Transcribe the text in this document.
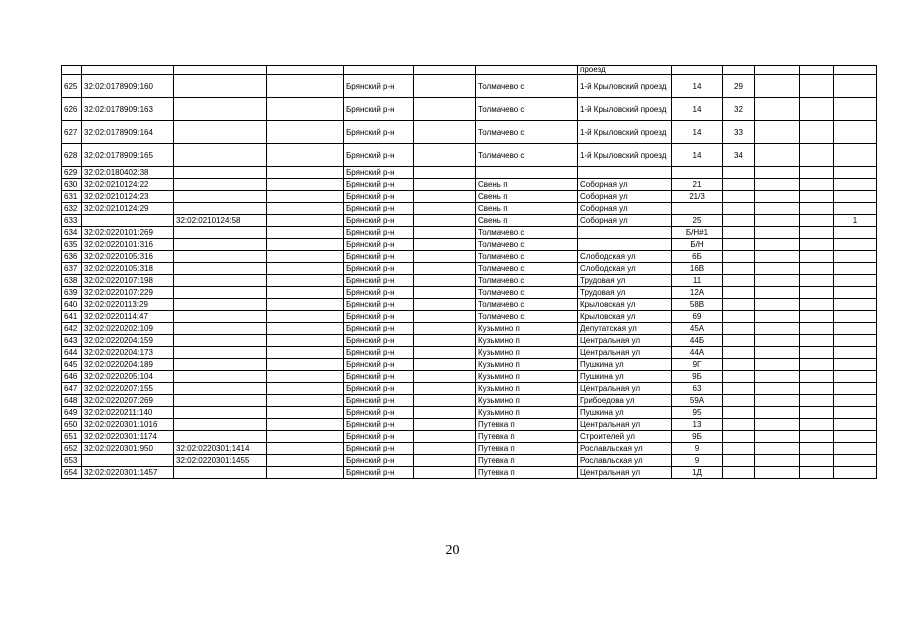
							проезд					
625	32:02:0178909:160			Брянский р-н		Толмачево с	1-й Крыловский проезд	14	29			
626	32:02:0178909:163			Брянский р-н		Толмачево с	1-й Крыловский проезд	14	32			
627	32:02:0178909:164			Брянский р-н		Толмачево с	1-й Крыловский проезд	14	33			
628	32:02:0178909:165			Брянский р-н		Толмачево с	1-й Крыловский проезд	14	34			
629	32:02:0180402:38			Брянский р-н								
630	32:02:0210124:22			Брянский р-н		Свень п	Соборная ул	21				
631	32:02:0210124:23			Брянский р-н		Свень п	Соборная ул	21/3				
632	32:02:0210124:29			Брянский р-н		Свень п	Соборная ул					
633		32:02:0210124:58		Брянский р-н		Свень п	Соборная ул	25				1
634	32:02:0220101:269			Брянский р-н		Толмачево с		Б/Н#1				
635	32:02:0220101:316			Брянский р-н		Толмачево с		Б/Н				
636	32:02:0220105:316			Брянский р-н		Толмачево с	Слободская ул	6Б				
637	32:02:0220105:318			Брянский р-н		Толмачево с	Слободская ул	16В				
638	32:02:0220107:198			Брянский р-н		Толмачево с	Трудовая ул	11				
639	32:02:0220107:229			Брянский р-н		Толмачево с	Трудовая ул	12А				
640	32:02:0220113:29			Брянский р-н		Толмачево с	Крыловская ул	58В				
641	32:02:0220114:47			Брянский р-н		Толмачево с	Крыловская ул	69				
642	32:02:0220202:109			Брянский р-н		Кузьмино п	Депутатская ул	45А				
643	32:02:0220204:159			Брянский р-н		Кузьмино п	Центральная ул	44Б				
644	32:02:0220204:173			Брянский р-н		Кузьмино п	Центральная ул	44А				
645	32:02:0220204:189			Брянский р-н		Кузьмино п	Пушкина ул	9Г				
646	32:02:0220205:104			Брянский р-н		Кузьмино п	Пушкина ул	9Б				
647	32:02:0220207:155			Брянский р-н		Кузьмино п	Центральная ул	63				
648	32:02:0220207:269			Брянский р-н		Кузьмино п	Грибоедова ул	59А				
649	32:02:0220211:140			Брянский р-н		Кузьмино п	Пушкина ул	95				
650	32:02:0220301:1016			Брянский р-н		Путевка п	Центральная ул	13				
651	32:02:0220301:1174			Брянский р-н		Путевка п	Строителей ул	9Б				
652	32:02:0220301:950	32:02:0220301:1414		Брянский р-н		Путевка п	Рославльская ул	9				
653		32:02:0220301:1455		Брянский р-н		Путевка п	Рославльская ул	9				
654	32:02:0220301:1457			Брянский р-н		Путевка п	Центральная ул	1Д				
20
